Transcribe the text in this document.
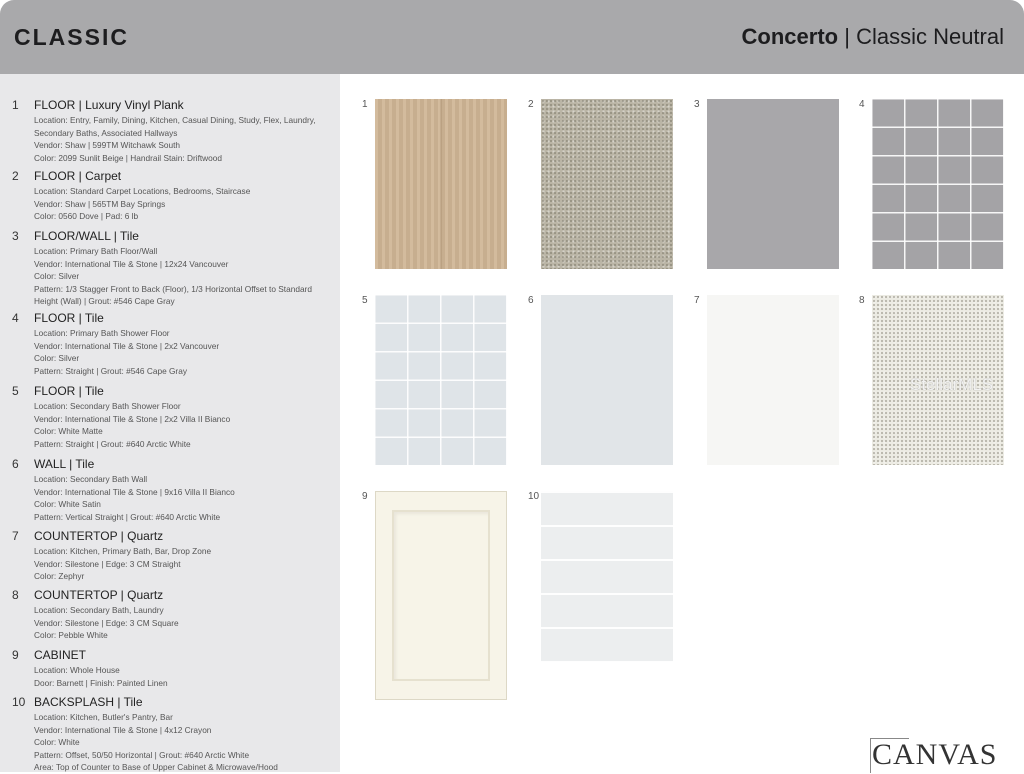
CLASSIC	Concerto | Classic Neutral
1 FLOOR | Luxury Vinyl Plank
Location: Entry, Family, Dining, Kitchen, Casual Dining, Study, Flex, Laundry, Secondary Baths, Associated Hallways
Vendor: Shaw | 599TM Witchawk South
Color: 2099 Sunlit Beige | Handrail Stain: Driftwood
2 FLOOR | Carpet
Location: Standard Carpet Locations, Bedrooms, Staircase
Vendor: Shaw | 565TM Bay Springs
Color: 0560 Dove | Pad: 6 lb
3 FLOOR/WALL | Tile
Location: Primary Bath Floor/Wall
Vendor: International Tile & Stone | 12x24 Vancouver
Color: Silver
Pattern: 1/3 Stagger Front to Back (Floor), 1/3 Horizontal Offset to Standard Height (Wall) | Grout: #546 Cape Gray
4 FLOOR | Tile
Location: Primary Bath Shower Floor
Vendor: International Tile & Stone | 2x2 Vancouver
Color: Silver
Pattern: Straight | Grout: #546 Cape Gray
5 FLOOR | Tile
Location: Secondary Bath Shower Floor
Vendor: International Tile & Stone | 2x2 Villa II Bianco
Color: White Matte
Pattern: Straight | Grout: #640 Arctic White
6 WALL | Tile
Location: Secondary Bath Wall
Vendor: International Tile & Stone | 9x16 Villa II Bianco
Color: White Satin
Pattern: Vertical Straight | Grout: #640 Arctic White
7 COUNTERTOP | Quartz
Location: Kitchen, Primary Bath, Bar, Drop Zone
Vendor: Silestone | Edge: 3 CM Straight
Color: Zephyr
8 COUNTERTOP | Quartz
Location: Secondary Bath, Laundry
Vendor: Silestone | Edge: 3 CM Square
Color: Pebble White
9 CABINET
Location: Whole House
Door: Barnett | Finish: Painted Linen
10 BACKSPLASH | Tile
Location: Kitchen, Butler's Pantry, Bar
Vendor: International Tile & Stone | 4x12 Crayon
Color: White
Pattern: Offset, 50/50 Horizontal | Grout: #640 Arctic White
Area: Top of Counter to Base of Upper Cabinet & Microwave/Hood
1	2	3	4
5	6	7	8
9	10
StellarMLS
CANVAS
